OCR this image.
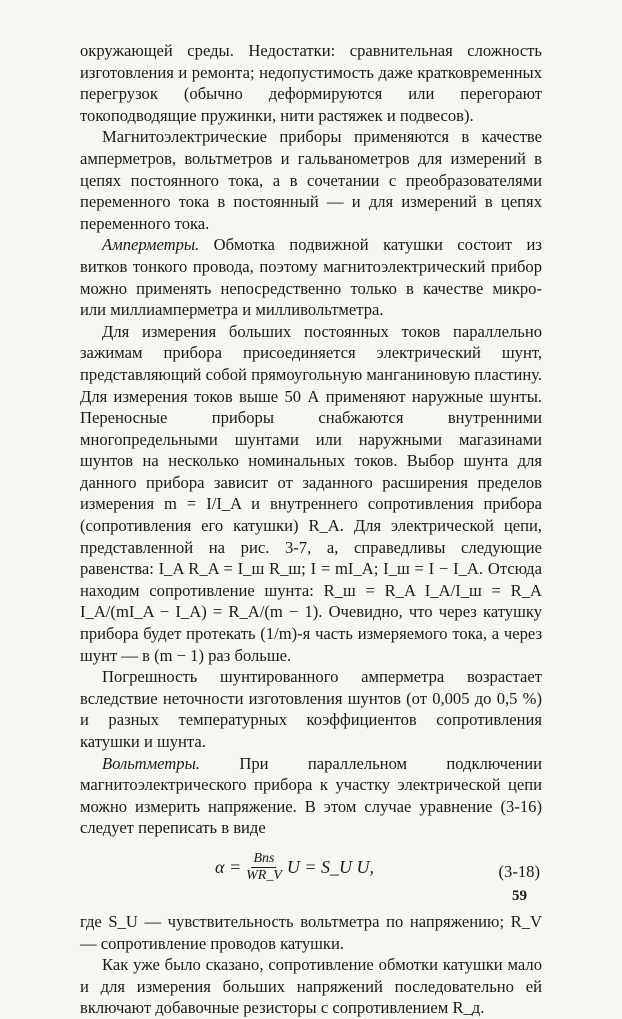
окружающей среды. Недостатки: сравнительная сложность изготовления и ремонта; недопустимость даже кратковременных перегрузок (обычно деформируются или перегорают токоподводящие пружинки, нити растяжек и подвесов).

Магнитоэлектрические приборы применяются в качестве амперметров, вольтметров и гальванометров для измерений в цепях постоянного тока, а в сочетании с преобразователями переменного тока в постоянный — и для измерений в цепях переменного тока.

Амперметры. Обмотка подвижной катушки состоит из витков тонкого провода, поэтому магнитоэлектрический прибор можно применять непосредственно только в качестве микро- или миллиамперметра и милливольтметра.

Для измерения больших постоянных токов параллельно зажимам прибора присоединяется электрический шунт, представляющий собой прямоугольную манганиновую пластину. Для измерения токов выше 50 А применяют наружные шунты. Переносные приборы снабжаются внутренними многопредельными шунтами или наружными магазинами шунтов на несколько номинальных токов. Выбор шунта для данного прибора зависит от заданного расширения пределов измерения m = I/I_A и внутреннего сопротивления прибора (сопротивления его катушки) R_A. Для электрической цепи, представленной на рис. 3-7, а, справедливы следующие равенства: I_A R_A = I_ш R_ш; I = mI_A; I_ш = I − I_A. Отсюда находим сопротивление шунта: R_ш = R_A I_A/I_ш = R_A I_A/(mI_A − I_A) = R_A/(m − 1). Очевидно, что через катушку прибора будет протекать (1/m)-я часть измеряемого тока, а через шунт — в (m − 1) раз больше.

Погрешность шунтированного амперметра возрастает вследствие неточности изготовления шунтов (от 0,005 до 0,5 %) и разных температурных коэффициентов сопротивления катушки и шунта.

Вольтметры. При параллельном подключении магнитоэлектрического прибора к участку электрической цепи можно измерить напряжение. В этом случае уравнение (3-16) следует переписать в виде

$\alpha = \frac{\text{Bns}}{WR\_V}$ U = S_U U,	(3-18)

где S_U — чувствительность вольтметра по напряжению; R_V — сопротивление проводов катушки.

Как уже было сказано, сопротивление обмотки катушки мало и для измерения больших напряжений последовательно ей включают добавочные резисторы с сопротивлением R_д.

59
